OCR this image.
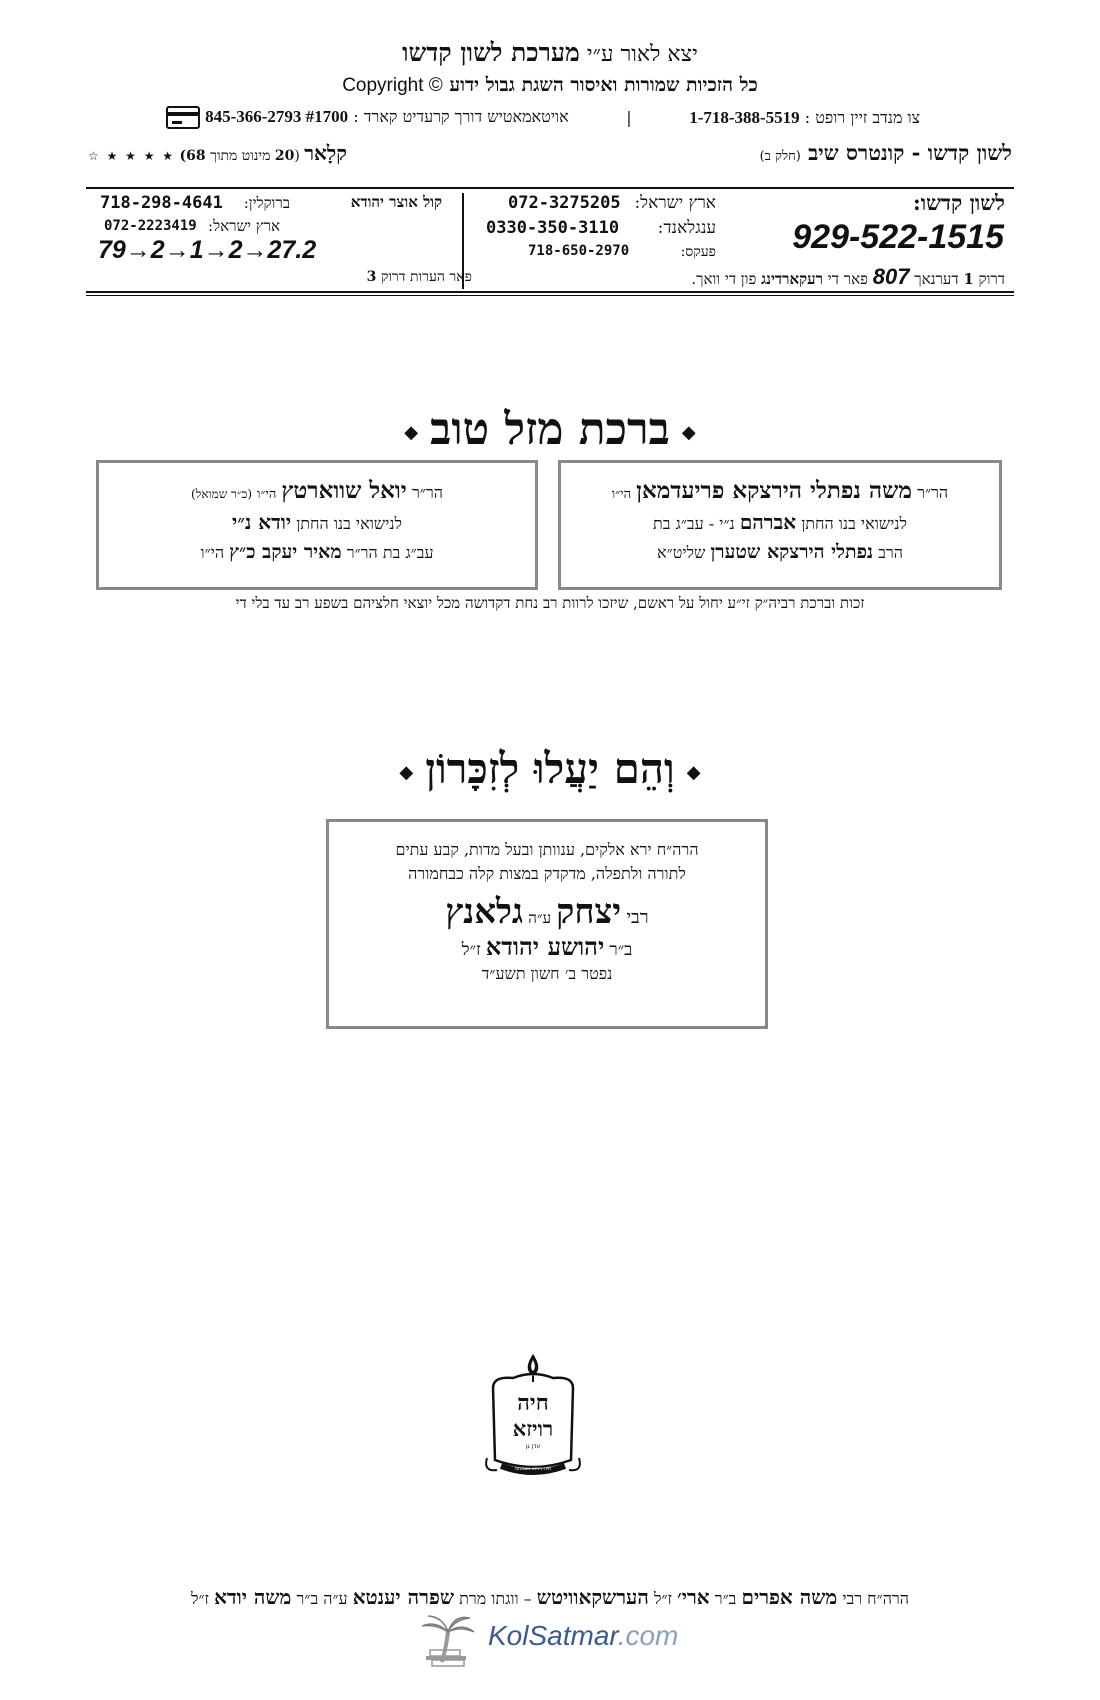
יצא לאור ע״י מערכת לשון קדשו
כל הזכיות שמורות ואיסור השגת גבול ידוע Copyright ©
צו מנדב זיין רופט : 1-718-388-5519
|
אויטאמאטיש דורך קרעדיט קארד : 845-366-2793 #1700
לשון קדשו - קונטרס שיב (חלק ב)
קלָאר (20 מינוט מתוך 68) ★ ★ ★ ★ ☆
לשון קדשו:
929-522-1515
ארץ ישראל:
072-3275205
ענגלאנד:
0330-350-3110
פעקס:
718-650-2970
דרוק 1 דערנאך 807 פאר די רעקארדינג פון די וואך.
פאר הערות דרוק 3
קול אוצר יהודא
ברוקלין:
718-298-4641
ארץ ישראל:
072-2223419
79→2→1→2→27.2
◆ברכת מזל טוב◆
הר״ר משה נפתלי הירצקא פריעדמאן הי״ו
לנישואי בנו החתן אברהם נ״י - עב״ג בת
הרב נפתלי הירצקא שטערן שליט״א
הר״ר יואל שווארטץ הי״ו (כ״ר שמואל)
לנישואי בנו החתן יודא נ״י
עב״ג בת הר״ר מאיר יעקב כ״ץ הי״ו
זכות וברכת רביה״ק זי״ע יחול על ראשם, שיזכו לרוות רב נחת דקדושה מכל יוצאי חלציהם בשפע רב עד בלי די
◆וְהֵם יַעֲלוּ לְזִכָּרוֹן◆
הרה״ח ירא אלקים, ענוותן ובעל מדות, קבע עתים
לתורה ולתפלה, מדקדק במצות קלה כבחמורה
רבי יצחק ע״ה גלאנץ
ב״ר יהושע יהודא ז״ל
נפטר ב׳ חשון תשע״ד
חיה
רויזא
חיה רויזא נשמתה
עדן גן
הרה״ח רבי משה אפרים ב״ר ארי׳ ז״ל הערשקאוויטש – ווגתו מרת שפרה יענטא ע״ה ב״ר משה יודא ז״ל
KolSatmar.com
